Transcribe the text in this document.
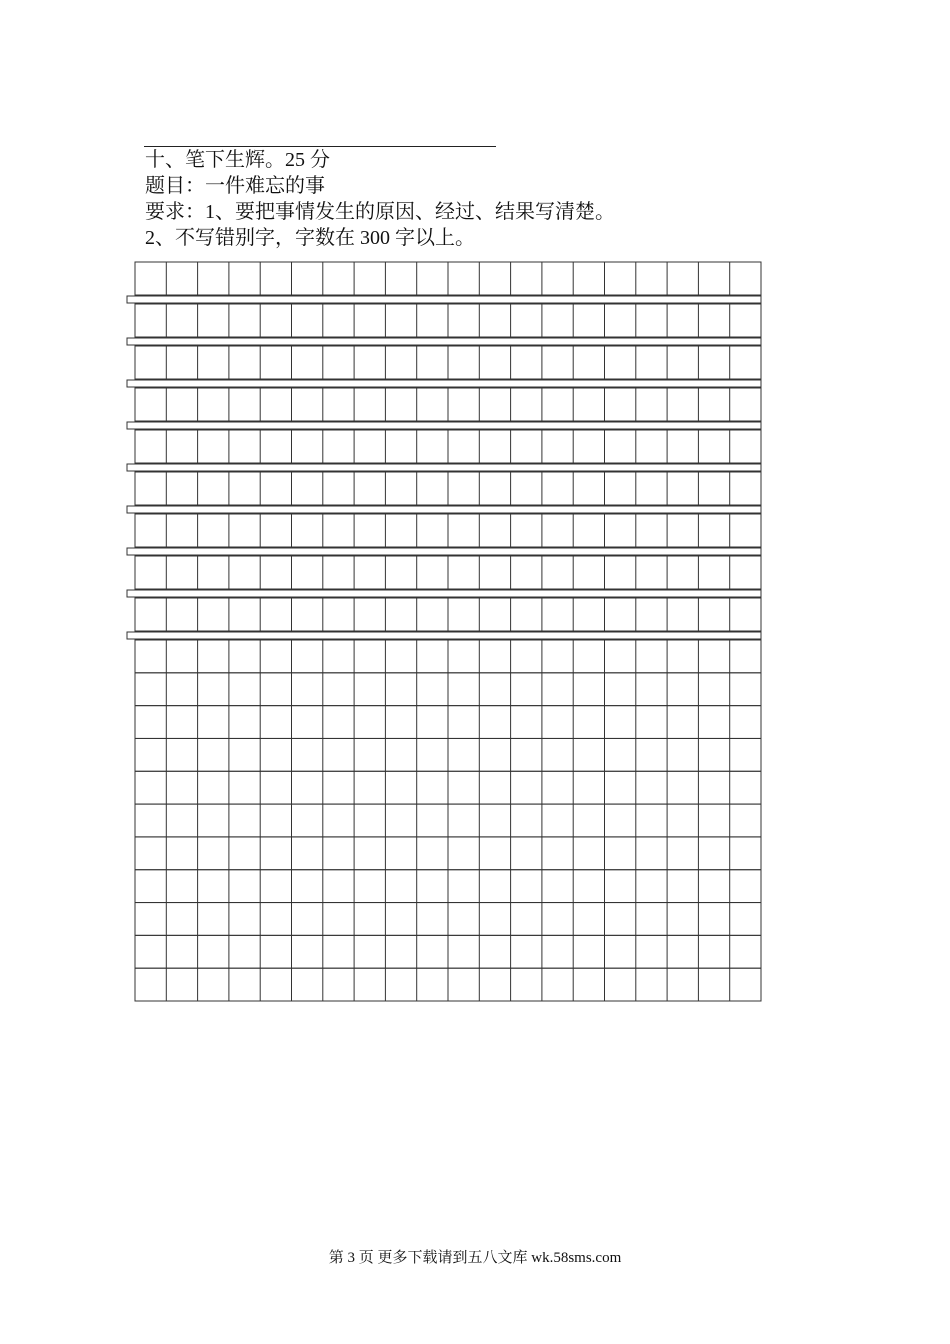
十、笔下生辉。25 分
题目：一件难忘的事
要求：1、要把事情发生的原因、经过、结果写清楚。
2、不写错别字，字数在 300 字以上。
第 3 页 更多下载请到五八文库 wk.58sms.com
